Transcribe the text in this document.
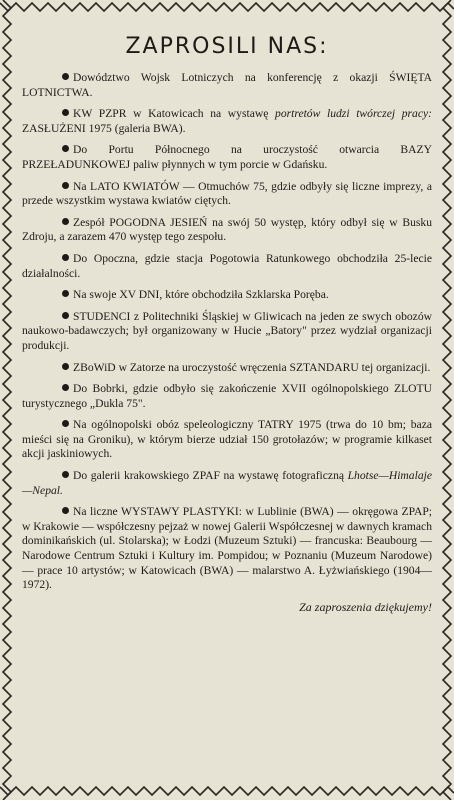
ZAPROSILI NAS:

Dowództwo Wojsk Lotniczych na konferencję z okazji ŚWIĘTA LOTNICTWA.

KW PZPR w Katowicach na wystawę portretów ludzi twórczej pracy: ZASŁUŻENI 1975 (galeria BWA).

Do Portu Północnego na uroczystość otwarcia BAZY PRZEŁADUNKOWEJ paliw płynnych w tym porcie w Gdańsku.

Na LATO KWIATÓW — Otmuchów 75, gdzie odbyły się liczne imprezy, a przede wszystkim wystawa kwiatów ciętych.

Zespół POGODNA JESIEŃ na swój 50 występ, który odbył się w Busku Zdroju, a zarazem 470 występ tego zespołu.

Do Opoczna, gdzie stacja Pogotowia Ratunkowego obchodziła 25-lecie działalności.

Na swoje XV DNI, które obchodziła Szklarska Poręba.

STUDENCI z Politechniki Śląskiej w Gliwicach na jeden ze swych obozów naukowo-badawczych; był organizowany w Hucie „Batory" przez wydział organizacji produkcji.

ZBoWiD w Zatorze na uroczystość wręczenia SZTANDARU tej organizacji.

Do Bobrki, gdzie odbyło się zakończenie XVII ogólnopolskiego ZLOTU turystycznego „Dukla 75".

Na ogólnopolski obóz speleologiczny TATRY 1975 (trwa do 10 bm; baza mieści się na Groniku), w którym bierze udział 150 grotołazów; w programie kilkaset akcji jaskiniowych.

Do galerii krakowskiego ZPAF na wystawę fotograficzną Lhotse—Himalaje—Nepal.

Na liczne WYSTAWY PLASTYKI: w Lublinie (BWA) — okręgowa ZPAP; w Krakowie — współczesny pejzaż w nowej Galerii Współczesnej w dawnych kramach dominikańskich (ul. Stolarska); w Łodzi (Muzeum Sztuki) — francuska: Beaubourg — Narodowe Centrum Sztuki i Kultury im. Pompidou; w Poznaniu (Muzeum Narodowe) — prace 10 artystów; w Katowicach (BWA) — malarstwo A. Łyżwiańskiego (1904—1972).

Za zaproszenia dziękujemy!
